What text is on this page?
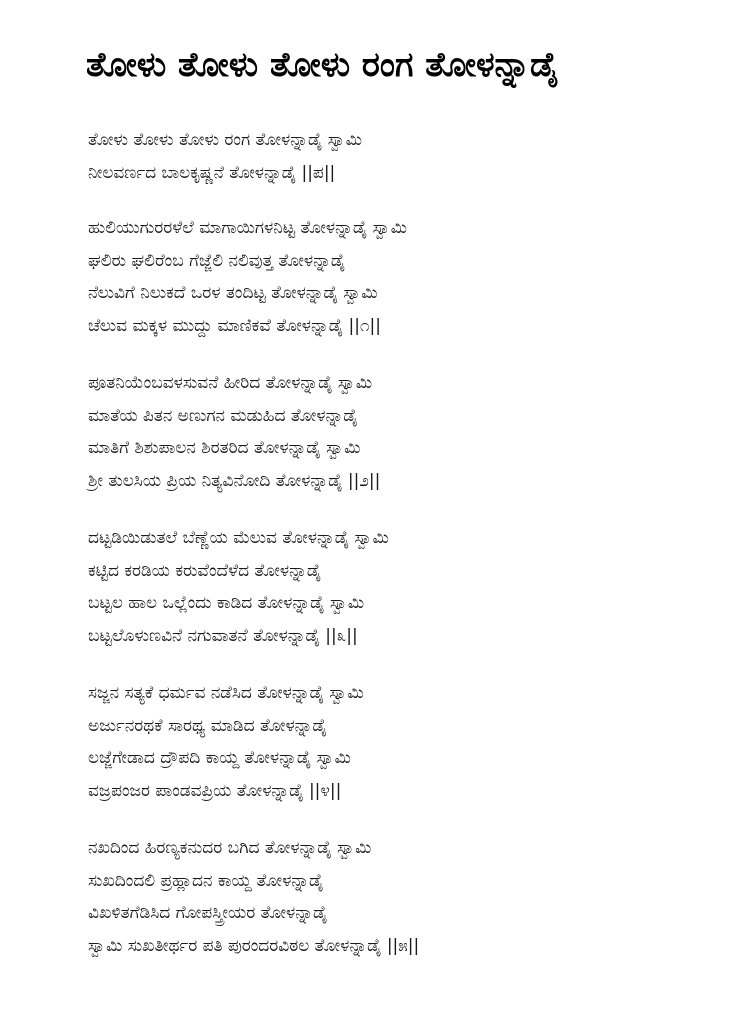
ತೋಳು ತೋಳು ತೋಳು ರಂಗ ತೋಳನ್ನಾಡೈ
ತೋಳು ತೋಳು ತೋಳು ರಂಗ ತೋಳನ್ನಾಡೈ ಸ್ವಾಮಿ
ನೀಲವರ್ಣದ ಬಾಲಕೃಷ್ಣನೆ ತೋಳನ್ನಾಡೈ ||ಪ||
ಹುಲಿಯುಗುರರಳೆಲೆ ಮಾಗಾಯಿಗಳನಿಟ್ಟ ತೋಳನ್ನಾಡೈ ಸ್ವಾಮಿ
ಘಲಿರು ಘಲಿರೆಂಬ ಗೆಜ್ಜೆಲಿ ನಲಿವುತ್ತ ತೋಳನ್ನಾಡೈ
ನೆಲುವಿಗೆ ನಿಲುಕದೆ ಒರಳ ತಂದಿಟ್ಟ ತೋಳನ್ನಾಡೈ ಸ್ವಾಮಿ
ಚೆಲುವ ಮಕ್ಕಳ ಮುದ್ದು ಮಾಣಿಕವೆ ತೋಳನ್ನಾಡೈ ||೧||
ಪೂತನಿಯೆಂಬವಳಸುವನೆ ಹೀರಿದ ತೋಳನ್ನಾಡೈ ಸ್ವಾಮಿ
ಮಾತೆಯ ಪಿತನ ಅಣುಗನ ಮಡುಹಿದ ತೋಳನ್ನಾಡೈ
ಮಾತಿಗೆ ಶಿಶುಪಾಲನ ಶಿರತರಿದ ತೋಳನ್ನಾಡೈ ಸ್ವಾಮಿ
ಶ್ರೀ ತುಲಸಿಯ ಪ್ರಿಯ ನಿತ್ಯವಿನೋದಿ ತೋಳನ್ನಾಡೈ ||೨||
ದಟ್ಟಡಿಯಿಡುತಲೆ ಬೆಣ್ಣೆಯ ಮೆಲುವ ತೋಳನ್ನಾಡೈ ಸ್ವಾಮಿ
ಕಟ್ಟಿದ ಕರಡಿಯ ಕರುವೆಂದೆಳೆದ ತೋಳನ್ನಾಡೈ
ಬಟ್ಟಲ ಹಾಲ ಒಲ್ಲೆಂದು ಕಾಡಿದ ತೋಳನ್ನಾಡೈ ಸ್ವಾಮಿ
ಬಟ್ಟಲೊಳುಣವಿನೆ ನಗುವಾತನೆ ತೋಳನ್ನಾಡೈ ||೩||
ಸಜ್ಜನ ಸತ್ಯಕೆ ಧರ್ಮವ ನಡೆಸಿದ ತೋಳನ್ನಾಡೈ ಸ್ವಾಮಿ
ಅರ್ಜುನರಥಕೆ ಸಾರಥ್ಯ ಮಾಡಿದ ತೋಳನ್ನಾಡೈ
ಲಜ್ಜೆಗೇಡಾದ ದ್ರೌಪದಿ ಕಾಯ್ದ ತೋಳನ್ನಾಡೈ ಸ್ವಾಮಿ
ವಜ್ರಪಂಜರ ಪಾಂಡವಪ್ರಿಯ ತೋಳನ್ನಾಡೈ ||೪||
ನಖದಿಂದ ಹಿರಣ್ಯಕನುದರ ಬಗಿದ ತೋಳನ್ನಾಡೈ ಸ್ವಾಮಿ
ಸುಖದಿಂದಲಿ ಪ್ರಹ್ಲಾದನ ಕಾಯ್ದ ತೋಳನ್ನಾಡೈ
ವಿಖಳಿತಗೆಡಿಸಿದ ಗೋಪಸ್ತ್ರೀಯರ ತೋಳನ್ನಾಡೈ
ಸ್ವಾಮಿ ಸುಖತೀರ್ಥರ ಪತಿ ಪುರಂದರವಿಠಲ ತೋಳನ್ನಾಡೈ ||೫||
